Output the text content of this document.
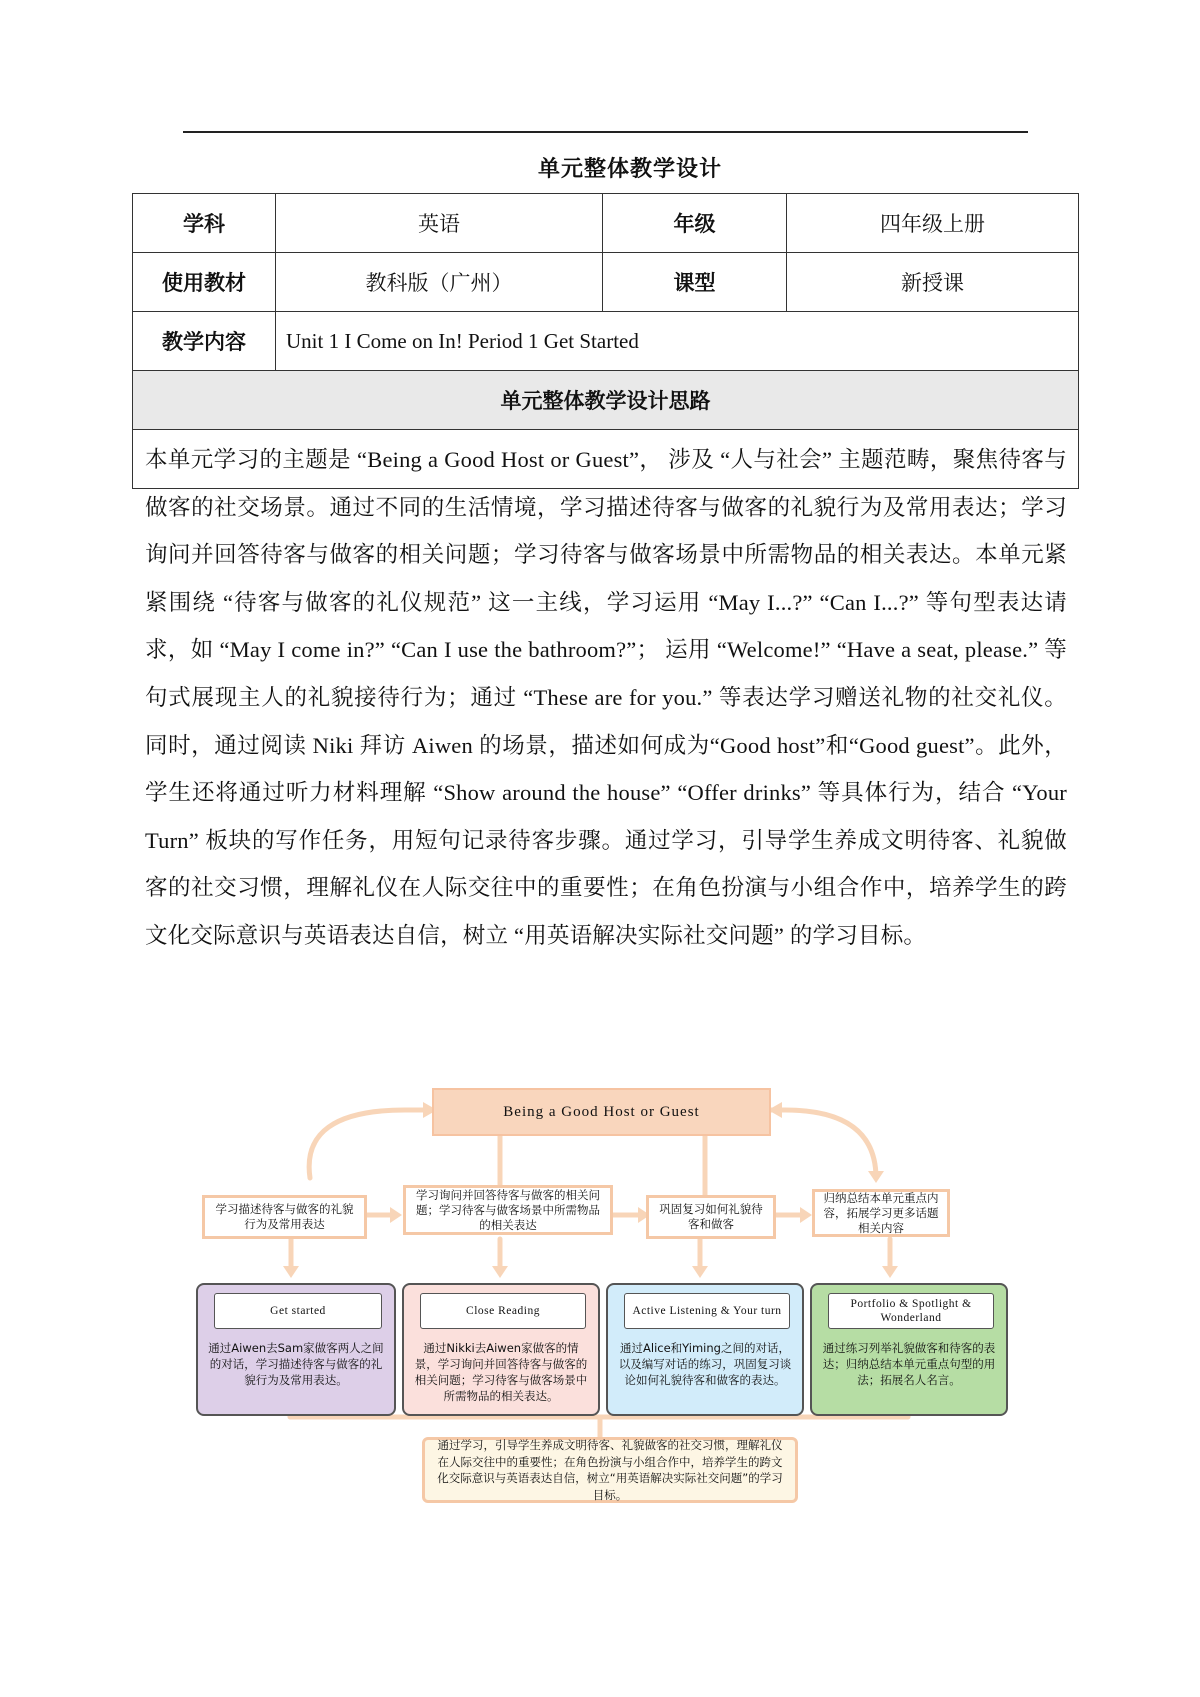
单元整体教学设计
学科	英语	年级	四年级上册
使用教材	教科版（广州）	课型	新授课
教学内容	Unit 1 I Come on In! Period 1 Get Started		
单元整体教学设计思路			

本单元学习的主题是 “Being a Good Host or Guest”， 涉及 “人与社会” 主题范畴，聚焦待客与做客的社交场景。通过不同的生活情境，学习描述待客与做客的礼貌行为及常用表达；学习询问并回答待客与做客的相关问题；学习待客与做客场景中所需物品的相关表达。本单元紧紧围绕 “待客与做客的礼仪规范” 这一主线，学习运用 “May I...?” “Can I...?” 等句型表达请求，如 “May I come in?” “Can I use the bathroom?”； 运用 “Welcome!” “Have a seat, please.” 等句式展现主人的礼貌接待行为；通过 “These are for you.” 等表达学习赠送礼物的社交礼仪。同时，通过阅读 Niki 拜访 Aiwen 的场景，描述如何成为“Good host”和“Good guest”。此外，学生还将通过听力材料理解 “Show around the house” “Offer drinks” 等具体行为，结合 “Your Turn” 板块的写作任务，用短句记录待客步骤。通过学习，引导学生养成文明待客、礼貌做客的社交习惯，理解礼仪在人际交往中的重要性；在角色扮演与小组合作中，培养学生的跨文化交际意识与英语表达自信，树立 “用英语解决实际社交问题” 的学习目标。			
Being a Good Host or Guest
学习描述待客与做客的礼貌行为及常用表达
学习询问并回答待客与做客的相关问题；学习待客与做客场景中所需物品的相关表达
巩固复习如何礼貌待客和做客
归纳总结本单元重点内容，拓展学习更多话题相关内容
Get started
通过Aiwen去Sam家做客两人之间的对话，学习描述待客与做客的礼貌行为及常用表达。
Close Reading
通过Nikki去Aiwen家做客的情景，学习询问并回答待客与做客的相关问题；学习待客与做客场景中所需物品的相关表达。
Active Listening & Your turn
通过Alice和Yiming之间的对话，以及编写对话的练习，巩固复习谈论如何礼貌待客和做客的表达。
Portfolio & Spotlight & Wonderland
通过练习列举礼貌做客和待客的表达；归纳总结本单元重点句型的用法；拓展名人名言。
通过学习，引导学生养成文明待客、礼貌做客的社交习惯，理解礼仪在人际交往中的重要性；在角色扮演与小组合作中，培养学生的跨文化交际意识与英语表达自信，树立“用英语解决实际社交问题”的学习目标。
